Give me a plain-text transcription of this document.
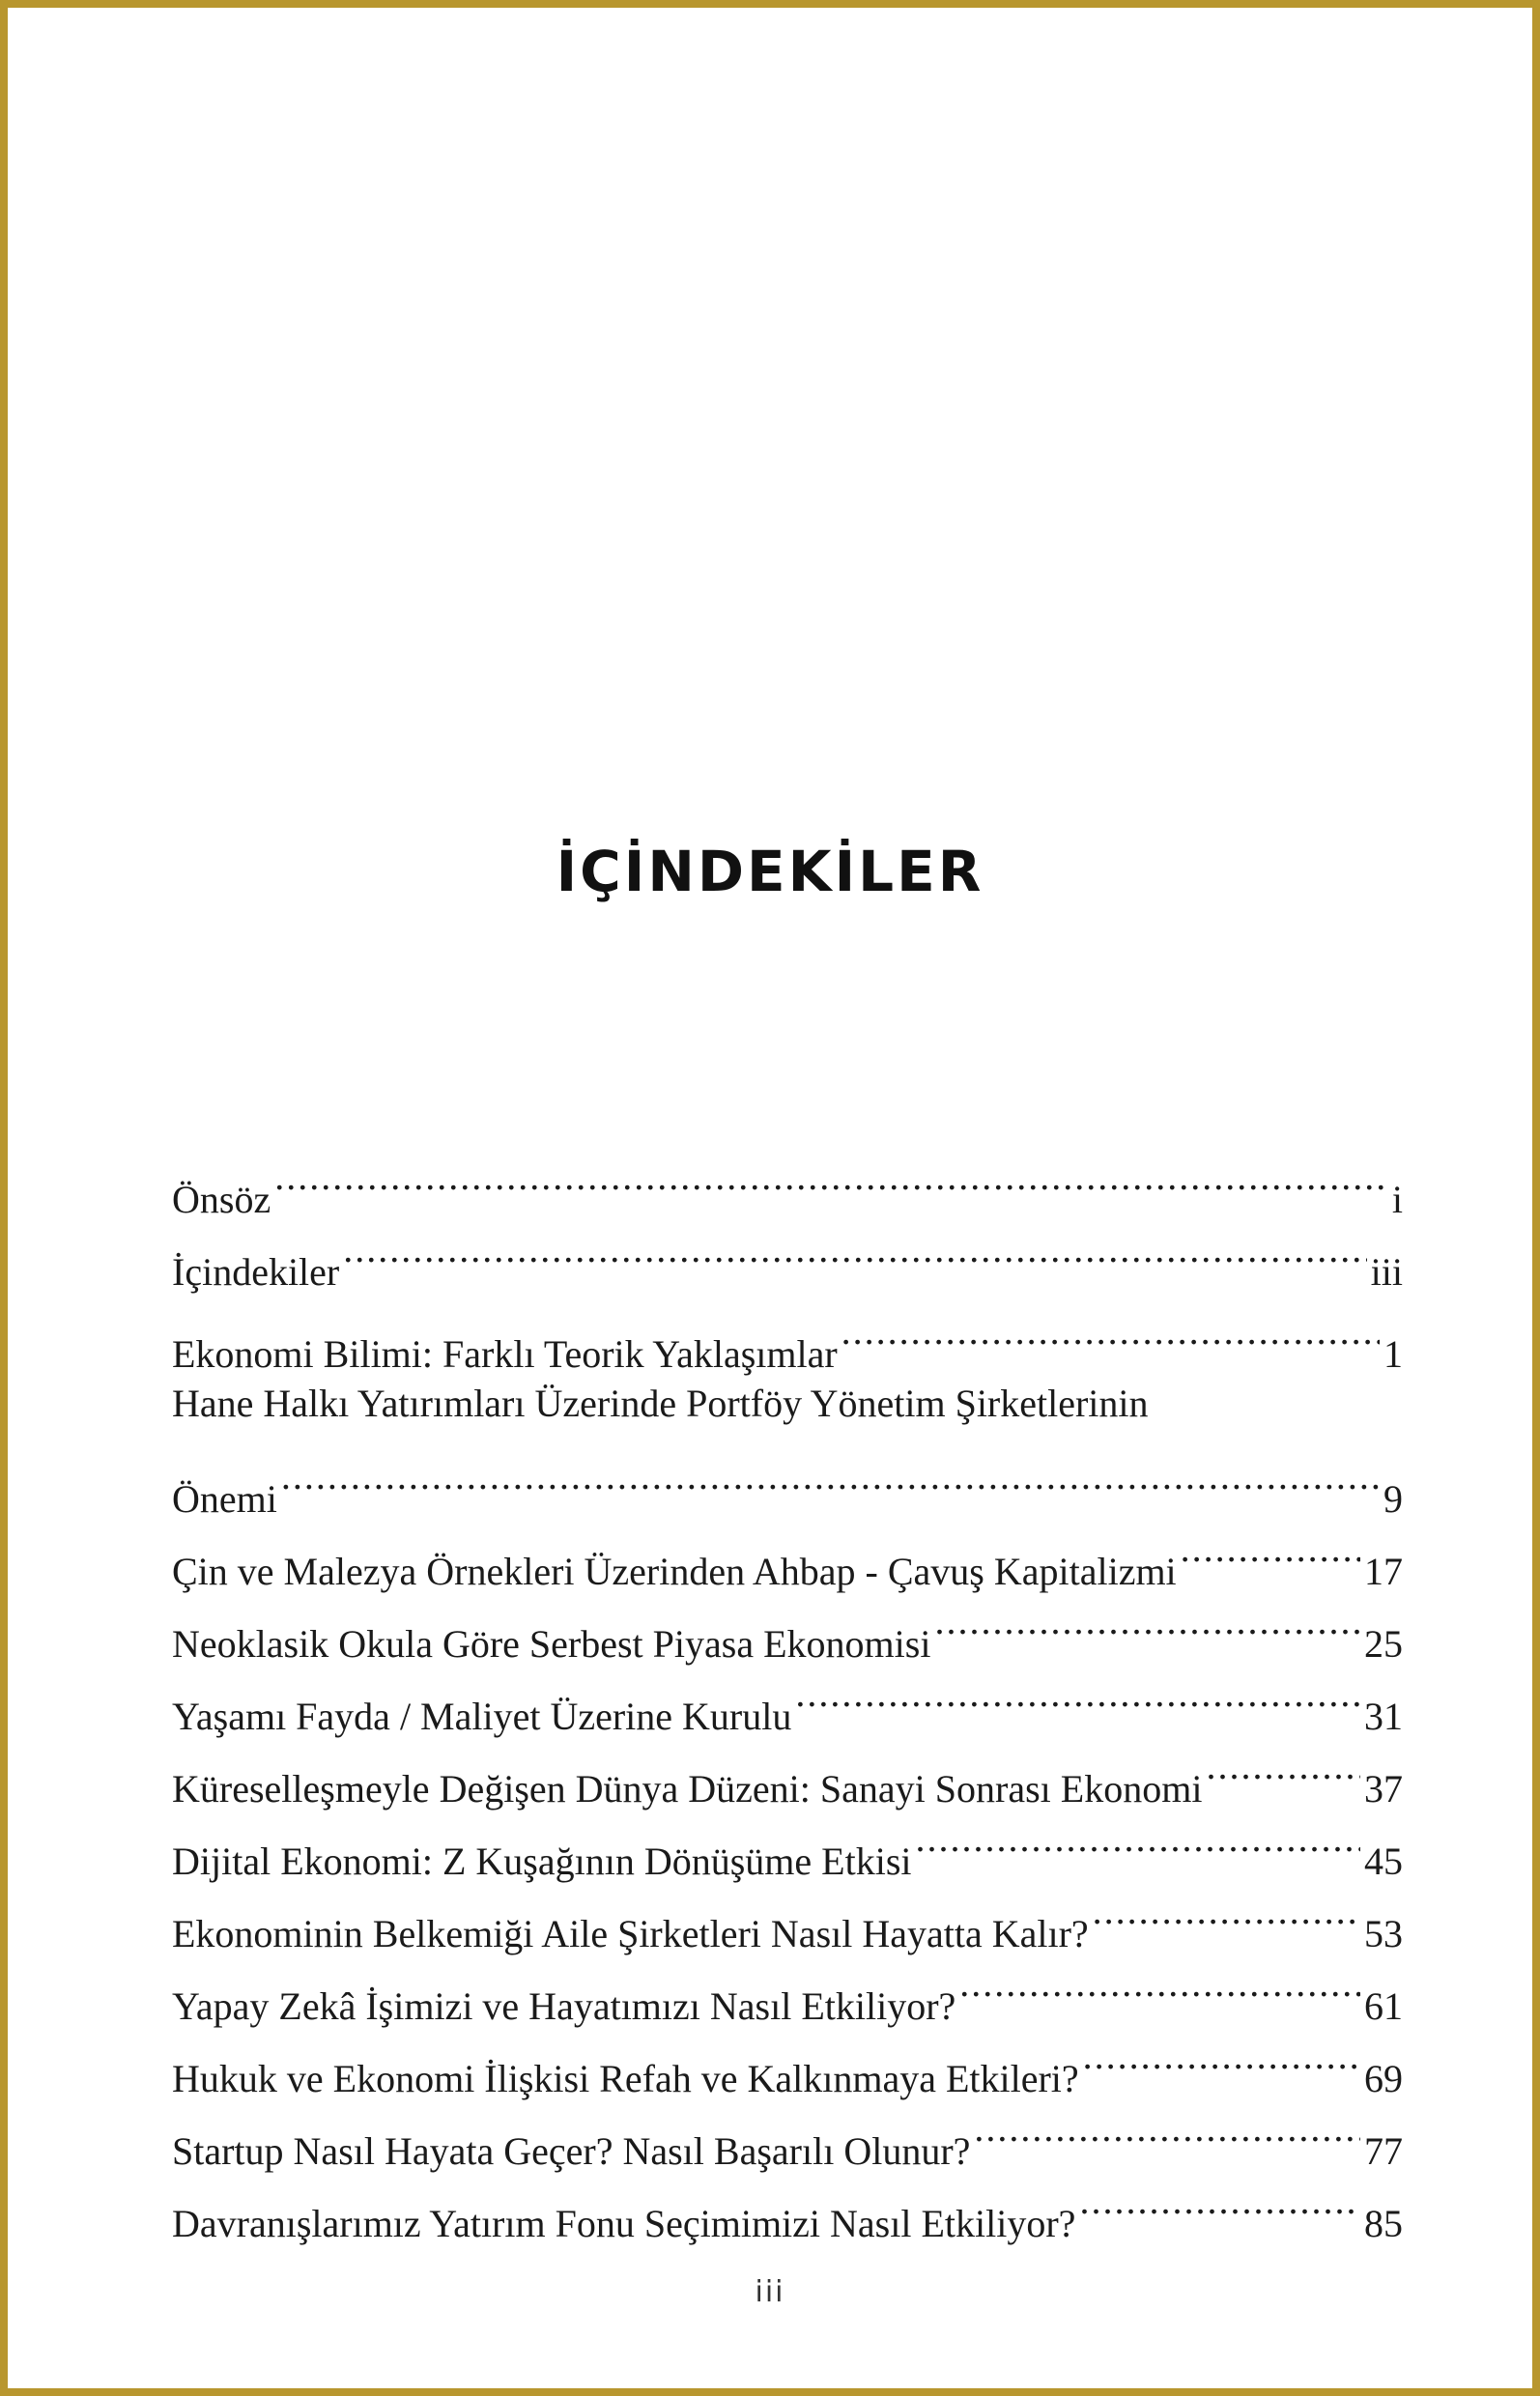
İÇİNDEKİLER
Önsöz .....	i
İçindekiler .....	iii
Ekonomi Bilimi: Farklı Teorik Yaklaşımlar .....	1
Hane Halkı Yatırımları Üzerinde Portföy Yönetim Şirketlerinin
Önemi .....	9
Çin ve Malezya Örnekleri Üzerinden Ahbap - Çavuş Kapitalizmi .....	17
Neoklasik Okula Göre Serbest Piyasa Ekonomisi .....	25
Yaşamı Fayda / Maliyet Üzerine Kurulu .....	31
Küreselleşmeyle Değişen Dünya Düzeni: Sanayi Sonrası Ekonomi .....	37
Dijital Ekonomi: Z Kuşağının Dönüşüme Etkisi .....	45
Ekonominin Belkemiği Aile Şirketleri Nasıl Hayatta Kalır? .....	53
Yapay Zekâ İşimizi ve Hayatımızı Nasıl Etkiliyor? .....	61
Hukuk ve Ekonomi İlişkisi Refah ve Kalkınmaya Etkileri? .....	69
Startup Nasıl Hayata Geçer? Nasıl Başarılı Olunur? .....	77
Davranışlarımız Yatırım Fonu Seçimimizi Nasıl Etkiliyor? .....	85
iii
